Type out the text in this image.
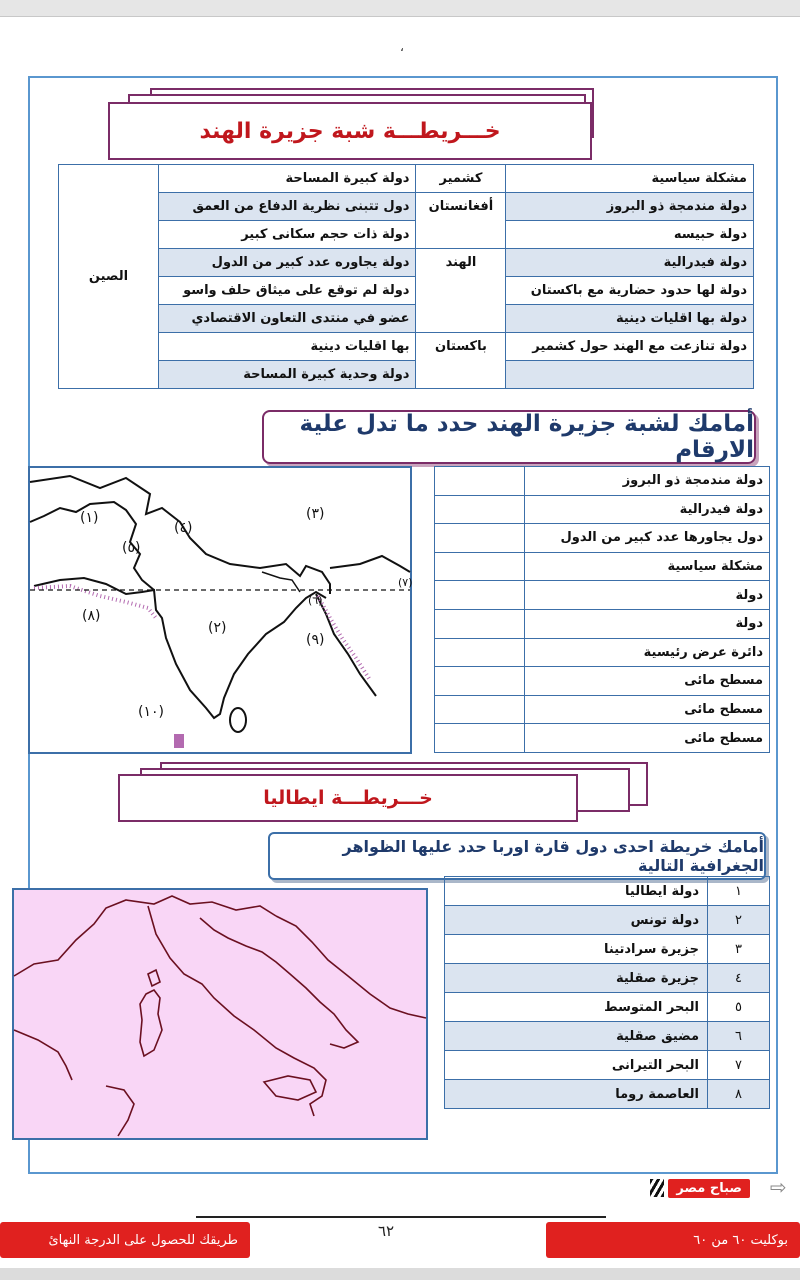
،
خـــريطـــة شبة جزيرة الهند
مشكلة سياسية	كشمير	دولة كبيرة المساحة	الصين
دولة مندمجة ذو البروز	أفغانستان	دول تتبنى نظرية الدفاع من العمق	
دولة حبيسه		دولة ذات حجم سكانى كبير	
دولة فيدرالية	الهند	دولة يجاوره عدد كبير من الدول	
دولة لها حدود حضارية مع باكستان		دولة لم توقع على ميثاق حلف واسو	
دولة بها اقليات دينية		عضو في منتدى التعاون الاقتصادي	
دولة تنازعت مع الهند حول كشمير	باكستان	بها اقليات دينية	
		دولة وحدية كبيرة المساحة	
أمامك لشبة جزيرة الهند حدد ما تدل علية الارقام
(١)
(٢)
(٣)
(٤)
(٥)
(٦)
(٧)
(٨)
(٩)
(١٠)
دولة مندمجة ذو البروز	
دولة فيدرالية	
دول يجاورها عدد كبير من الدول	
مشكلة سياسية	
دولة	
دولة	
دائرة عرض رئيسية	
مسطح مائى	
مسطح مائى	
مسطح مائى	
خـــريطـــة ايطاليا
أمامك خريطة احدى دول قارة اوربا حدد عليها الظواهر الجغرافية التالية
١	دولة ايطاليا
٢	دولة تونس
٣	جزيرة سرادتينا
٤	جزيرة صقلية
٥	البحر المتوسط
٦	مضيق صقلية
٧	البحر التيرانى
٨	العاصمة روما
⇨
صباح مصر
٦٢
طريقك للحصول على الدرجة النهائ	بوكليت ٦٠ من ٦٠
